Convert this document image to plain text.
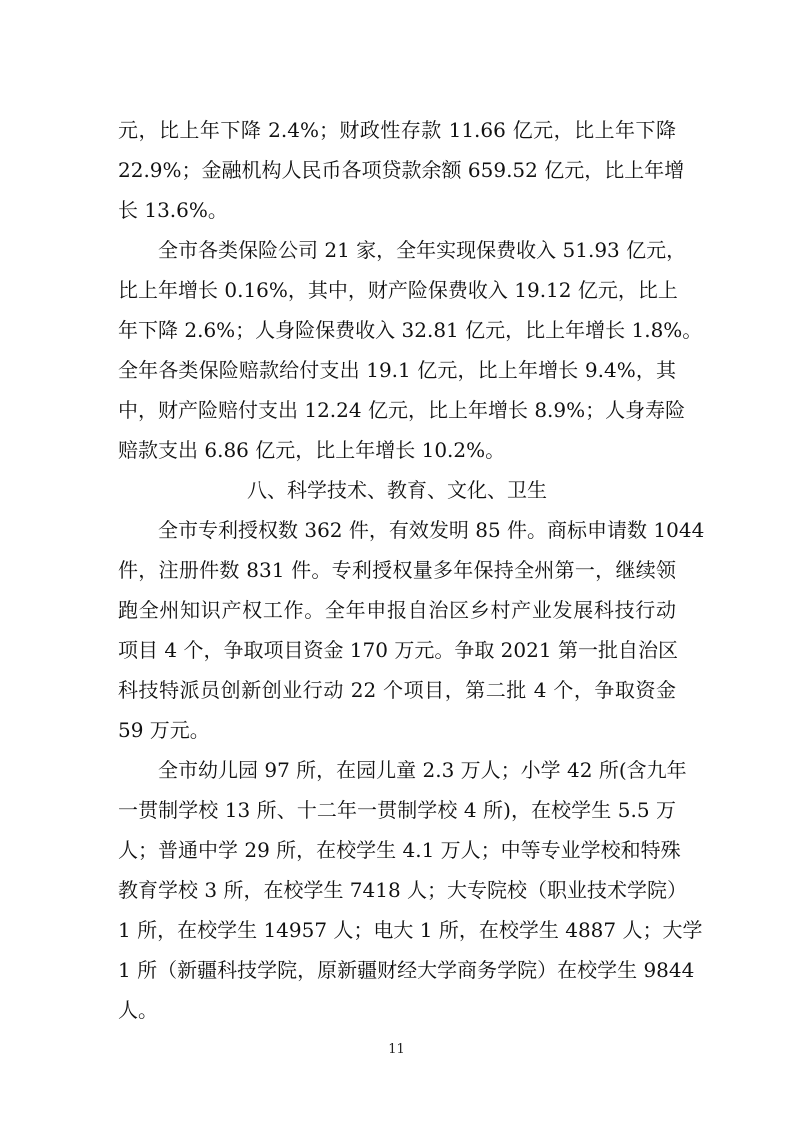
元，比上年下降 2.4%；财政性存款 11.66 亿元，比上年下降
22.9%；金融机构人民币各项贷款余额 659.52 亿元，比上年增
长 13.6%。
全市各类保险公司 21 家，全年实现保费收入 51.93 亿元，
比上年增长 0.16%，其中，财产险保费收入 19.12 亿元，比上
年下降 2.6%；人身险保费收入 32.81 亿元，比上年增长 1.8%。
全年各类保险赔款给付支出 19.1 亿元，比上年增长 9.4%，其
中，财产险赔付支出 12.24 亿元，比上年增长 8.9%；人身寿险
赔款支出 6.86 亿元，比上年增长 10.2%。
八、科学技术、教育、文化、卫生
全市专利授权数 362 件，有效发明 85 件。商标申请数 1044
件，注册件数 831 件。专利授权量多年保持全州第一，继续领
跑全州知识产权工作。全年申报自治区乡村产业发展科技行动
项目 4 个，争取项目资金 170 万元。争取 2021 第一批自治区
科技特派员创新创业行动 22 个项目，第二批 4 个，争取资金
59 万元。
全市幼儿园 97 所，在园儿童 2.3 万人；小学 42 所(含九年
一贯制学校 13 所、十二年一贯制学校 4 所)，在校学生 5.5 万
人；普通中学 29 所，在校学生 4.1 万人；中等专业学校和特殊
教育学校 3 所，在校学生 7418 人；大专院校（职业技术学院）
1 所，在校学生 14957 人；电大 1 所，在校学生 4887 人；大学
1 所（新疆科技学院，原新疆财经大学商务学院）在校学生 9844
人。
11
